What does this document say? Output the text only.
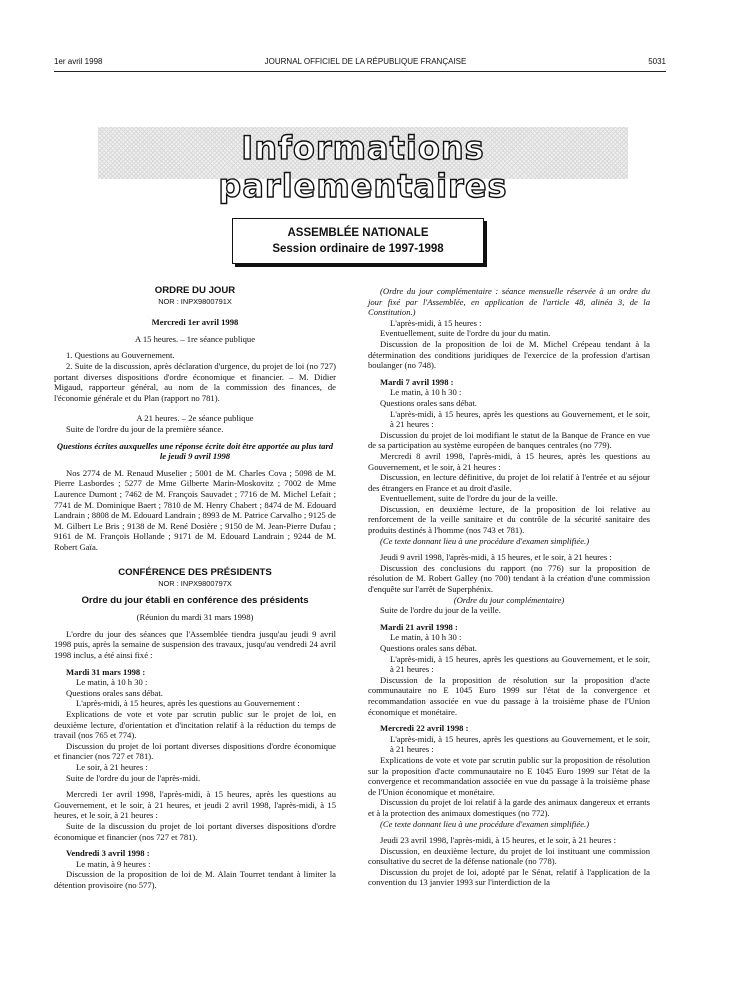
1er avril 1998	JOURNAL OFFICIEL DE LA RÉPUBLIQUE FRANÇAISE	5031
Informations parlementaires
ASSEMBLÉE NATIONALE
Session ordinaire de 1997-1998

ORDRE DU JOUR

NOR : INPX9800791X

Mercredi 1er avril 1998

A 15 heures. – 1re séance publique

1. Questions au Gouvernement.

2. Suite de la discussion, après déclaration d'urgence, du projet de loi (no 727) portant diverses dispositions d'ordre économique et financier. – M. Didier Migaud, rapporteur général, au nom de la commission des finances, de l'économie générale et du Plan (rapport no 781).

A 21 heures. – 2e séance publique

Suite de l'ordre du jour de la première séance.

Questions écrites auxquelles une réponse écrite doit être apportée au plus tard le jeudi 9 avril 1998

Nos 2774 de M. Renaud Muselier ; 5001 de M. Charles Cova ; 5098 de M. Pierre Lasbordes ; 5277 de Mme Gilberte Marin-Moskovitz ; 7002 de Mme Laurence Dumont ; 7462 de M. François Sauvadet ; 7716 de M. Michel Lefait ; 7741 de M. Dominique Baert ; 7810 de M. Henry Chabert ; 8474 de M. Edouard Landrain ; 8808 de M. Edouard Landrain ; 8993 de M. Patrice Carvalho ; 9125 de M. Gilbert Le Bris ; 9138 de M. René Dosière ; 9150 de M. Jean-Pierre Dufau ; 9161 de M. François Hollande ; 9171 de M. Edouard Landrain ; 9244 de M. Robert Gaïa.

CONFÉRENCE DES PRÉSIDENTS

NOR : INPX9800797X

Ordre du jour établi en conférence des présidents

(Réunion du mardi 31 mars 1998)

L'ordre du jour des séances que l'Assemblée tiendra jusqu'au jeudi 9 avril 1998 puis, après la semaine de suspension des travaux, jusqu'au vendredi 24 avril 1998 inclus, a été ainsi fixé :

Mardi 31 mars 1998 :

Le matin, à 10 h 30 :

Questions orales sans débat.

L'après-midi, à 15 heures, après les questions au Gouvernement :

Explications de vote et vote par scrutin public sur le projet de loi, en deuxième lecture, d'orientation et d'incitation relatif à la réduction du temps de travail (nos 765 et 774).

Discussion du projet de loi portant diverses dispositions d'ordre économique et financier (nos 727 et 781).

Le soir, à 21 heures :

Suite de l'ordre du jour de l'après-midi.

Mercredi 1er avril 1998, l'après-midi, à 15 heures, après les questions au Gouvernement, et le soir, à 21 heures, et jeudi 2 avril 1998, l'après-midi, à 15 heures, et le soir, à 21 heures :

Suite de la discussion du projet de loi portant diverses dispositions d'ordre économique et financier (nos 727 et 781).

Vendredi 3 avril 1998 :

Le matin, à 9 heures :

Discussion de la proposition de loi de M. Alain Tourret tendant à limiter la détention provisoire (no 577).

(Ordre du jour complémentaire : séance mensuelle réservée à un ordre du jour fixé par l'Assemblée, en application de l'article 48, alinéa 3, de la Constitution.)

L'après-midi, à 15 heures :

Eventuellement, suite de l'ordre du jour du matin.

Discussion de la proposition de loi de M. Michel Crépeau tendant à la détermination des conditions juridiques de l'exercice de la profession d'artisan boulanger (no 748).

Mardi 7 avril 1998 :

Le matin, à 10 h 30 :

Questions orales sans débat.

L'après-midi, à 15 heures, après les questions au Gouvernement, et le soir, à 21 heures :

Discussion du projet de loi modifiant le statut de la Banque de France en vue de sa participation au système européen de banques centrales (no 779).

Mercredi 8 avril 1998, l'après-midi, à 15 heures, après les questions au Gouvernement, et le soir, à 21 heures :

Discussion, en lecture définitive, du projet de loi relatif à l'entrée et au séjour des étrangers en France et au droit d'asile.

Eventuellement, suite de l'ordre du jour de la veille.

Discussion, en deuxième lecture, de la proposition de loi relative au renforcement de la veille sanitaire et du contrôle de la sécurité sanitaire des produits destinés à l'homme (nos 743 et 781).

(Ce texte donnant lieu à une procédure d'examen simplifiée.)

Jeudi 9 avril 1998, l'après-midi, à 15 heures, et le soir, à 21 heures :

Discussion des conclusions du rapport (no 776) sur la proposition de résolution de M. Robert Galley (no 700) tendant à la création d'une commission d'enquête sur l'arrêt de Superphénix.

(Ordre du jour complémentaire)

Suite de l'ordre du jour de la veille.

Mardi 21 avril 1998 :

Le matin, à 10 h 30 :

Questions orales sans débat.

L'après-midi, à 15 heures, après les questions au Gouvernement, et le soir, à 21 heures :

Discussion de la proposition de résolution sur la proposition d'acte communautaire no E 1045 Euro 1999 sur l'état de la convergence et recommandation associée en vue du passage à la troisième phase de l'Union économique et monétaire.

Mercredi 22 avril 1998 :

L'après-midi, à 15 heures, après les questions au Gouvernement, et le soir, à 21 heures :

Explications de vote et vote par scrutin public sur la proposition de résolution sur la proposition d'acte communautaire no E 1045 Euro 1999 sur l'état de la convergence et recommandation associée en vue du passage à la troisième phase de l'Union économique et monétaire.

Discussion du projet de loi relatif à la garde des animaux dangereux et errants et à la protection des animaux domestiques (no 772).

(Ce texte donnant lieu à une procédure d'examen simplifiée.)

Jeudi 23 avril 1998, l'après-midi, à 15 heures, et le soir, à 21 heures :

Discussion, en deuxième lecture, du projet de loi instituant une commission consultative du secret de la défense nationale (no 778).

Discussion du projet de loi, adopté par le Sénat, relatif à l'application de la convention du 13 janvier 1993 sur l'interdiction de la
